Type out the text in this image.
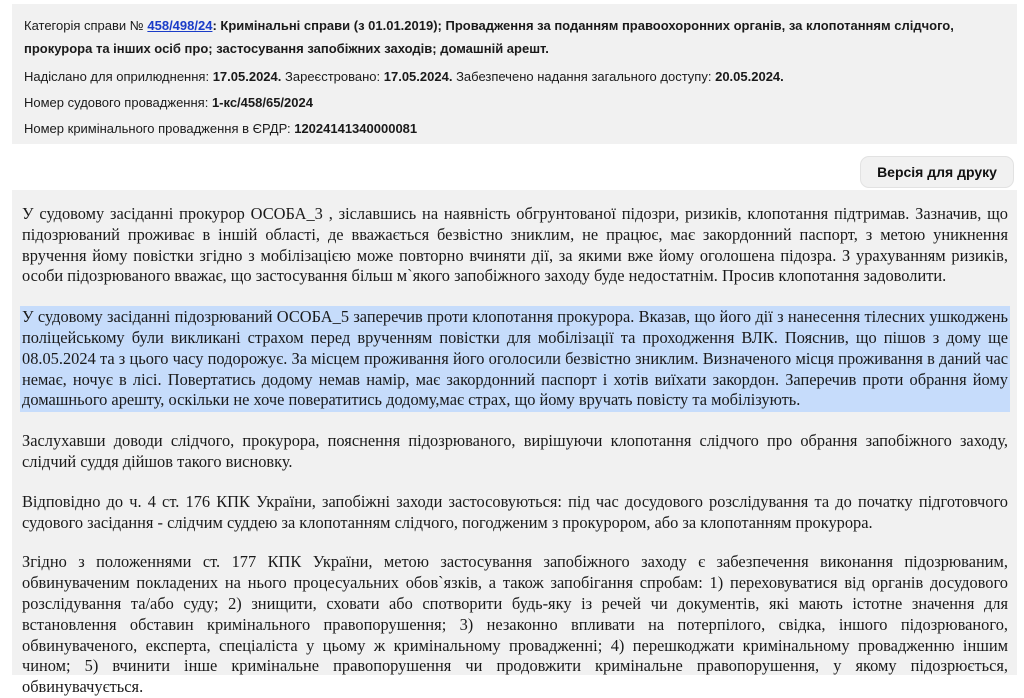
Категорія справи № 458/498/24: Кримінальні справи (з 01.01.2019); Провадження за поданням правоохоронних органів, за клопотанням слідчого, прокурора та інших осіб про; застосування запобіжних заходів; домашній арешт.
Надіслано для оприлюднення: 17.05.2024. Зареєстровано: 17.05.2024. Забезпечено надання загального доступу: 20.05.2024.
Номер судового провадження: 1-кс/458/65/2024
Номер кримінального провадження в ЄРДР: 12024141340000081
Версія для друку

У судовому засіданні прокурор ОСОБА_3 , зіславшись на наявність обгрунтованої підозри, ризиків, клопотання підтримав. Зазначив, що підозрюваний проживає в іншій області, де вважається безвістно зниклим, не працює, має закордонний паспорт, з метою уникнення вручення йому повістки згідно з мобілізацією може повторно вчиняти дії, за якими вже йому оголошена підозра. З урахуванням ризиків, особи підозрюваного вважає, що застосування більш м`якого запобіжного заходу буде недостатнім. Просив клопотання задоволити.

У судовому засіданні підозрюваний ОСОБА_5 заперечив проти клопотання прокурора. Вказав, що його дії з нанесення тілесних ушкоджень поліцейському були викликані страхом перед врученням повістки для мобілізації та проходження ВЛК. Пояснив, що пішов з дому ще 08.05.2024 та з цього часу подорожує. За місцем проживання його оголосили безвістно зниклим. Визначеного місця проживання в даний час немає, ночує в лісі. Повертатись додому немав намір, має закордонний паспорт і хотів виїхати закордон. Заперечив проти обрання йому домашнього арешту, оскільки не хоче повератитись додому,має страх, що йому вручать повісту та мобілізують.

Заслухавши доводи слідчого, прокурора, пояснення підозрюваного, вирішуючи клопотання слідчого про обрання запобіжного заходу, слідчий суддя дійшов такого висновку.

Відповідно до ч. 4 ст. 176 КПК України, запобіжні заходи застосовуються: під час досудового розслідування та до початку підготовчого судового засідання - слідчим суддею за клопотанням слідчого, погодженим з прокурором, або за клопотанням прокурора.

Згідно з положеннями ст. 177 КПК України, метою застосування запобіжного заходу є забезпечення виконання підозрюваним, обвинуваченим покладених на нього процесуальних обов`язків, а також запобігання спробам: 1) переховуватися від органів досудового розслідування та/або суду; 2) знищити, сховати або спотворити будь-яку із речей чи документів, які мають істотне значення для встановлення обставин кримінального правопорушення; 3) незаконно впливати на потерпілого, свідка, іншого підозрюваного, обвинуваченого, експерта, спеціаліста у цьому ж кримінальному провадженні; 4) перешкоджати кримінальному провадженню іншим чином; 5) вчинити інше кримінальне правопорушення чи продовжити кримінальне правопорушення, у якому підозрюється, обвинувачується.
